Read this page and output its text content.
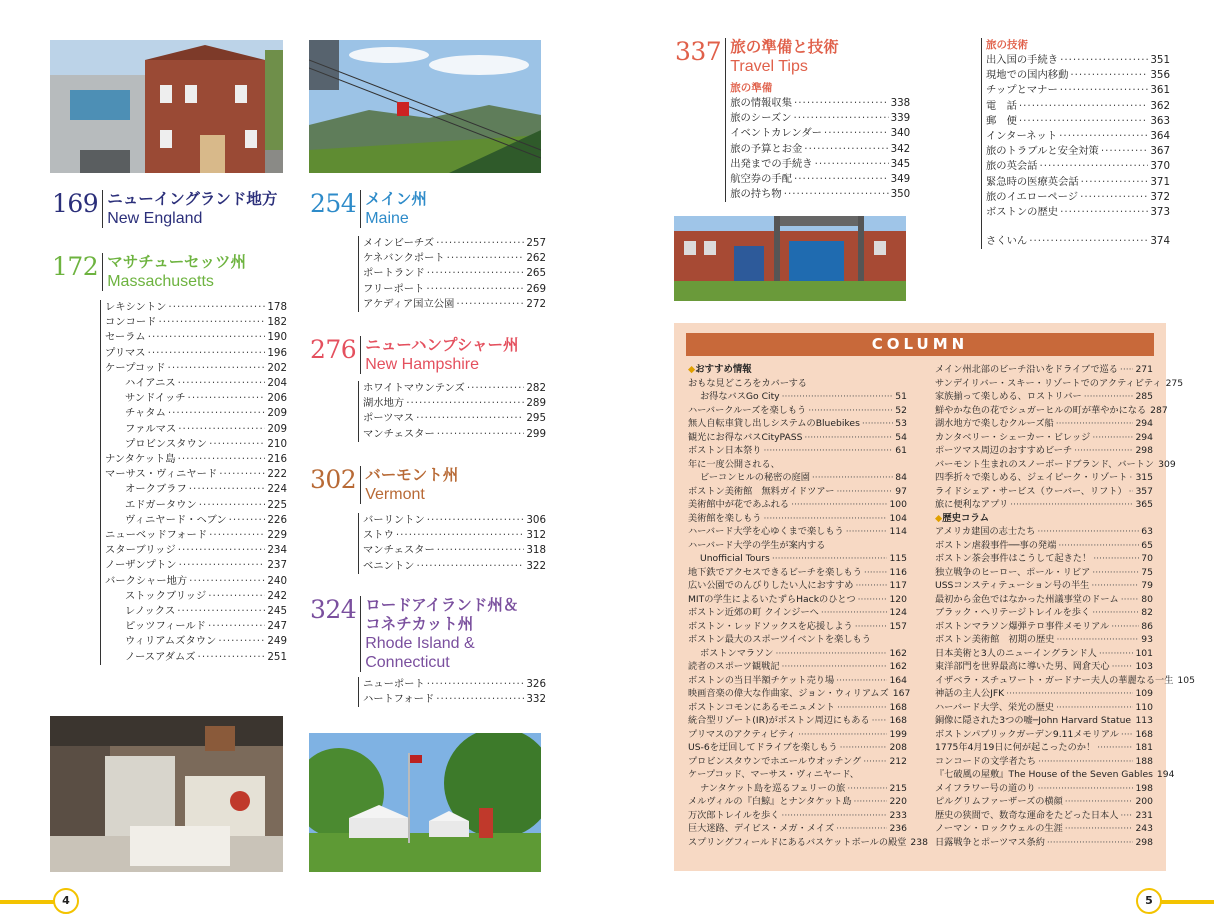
169 ニューイングランド地方
New England
172 マサチューセッツ州
Massachusetts
レキシントン ·····	178
コンコード ·····	182
セーラム ·····	190
プリマス ·····	196
ケープコッド ·····	202
ハイアニス ·····	204
サンドイッチ ·····	206
チャタム ·····	209
ファルマス ·····	209
プロビンスタウン ·····	210
ナンタケット島 ·····	216
マーサス・ヴィニヤード ·····	222
オークブラフ ·····	224
エドガータウン ·····	225
ヴィニヤード・ヘブン ·····	226
ニューベッドフォード ·····	229
スターブリッジ ·····	234
ノーザンプトン ·····	237
バークシャー地方 ·····	240
ストックブリッジ ·····	242
レノックス ·····	245
ピッツフィールド ·····	247
ウィリアムズタウン ·····	249
ノースアダムズ ·····	251
254 メイン州
Maine
メインビーチズ ·····	257
ケネバンクポート ·····	262
ポートランド ·····	265
フリーポート ·····	269
アケディア国立公園 ·····	272
276 ニューハンプシャー州
New Hampshire
ホワイトマウンテンズ ·····	282
湖水地方 ·····	289
ポーツマス ·····	295
マンチェスター ·····	299
302 バーモント州
Vermont
バーリントン ·····	306
ストウ ·····	312
マンチェスター ·····	318
ベニントン ·····	322
324 ロードアイランド州＆
コネチカット州
Rhode Island &
Connecticut
ニューポート ·····	326
ハートフォード ·····	332
337 旅の準備と技術
Travel Tips
旅の準備
旅の情報収集 ·····	338
旅のシーズン ·····	339
イベントカレンダー ·····	340
旅の予算とお金 ·····	342
出発までの手続き ·····	345
航空券の手配 ·····	349
旅の持ち物 ·····	350
旅の技術
出入国の手続き ·····	351
現地での国内移動 ·····	356
チップとマナー ·····	361
電　話 ·····	362
郵　便 ·····	363
インターネット ·····	364
旅のトラブルと安全対策 ·····	367
旅の英会話 ·····	370
緊急時の医療英会話 ·····	371
旅のイエローページ ·····	372
ボストンの歴史 ·····	373
さくいん ·····	374
COLUMN
◆おすすめ情報
おもな見どころをカバーする
お得なバスGo City ·····	51
ハーバークルーズを楽しもう ·····	52
無人自転車貸し出しシステムのBluebikes ·····	53
観光にお得なバスCityPASS ·····	54
ボストン日本祭り ·····	61
年に一度公開される、
ビーコンヒルの秘密の庭園 ·····	84
ボストン美術館　無料ガイドツアー ·····	97
美術館中が花であふれる ·····	100
美術館を楽しもう ·····	104
ハーバード大学を心ゆくまで楽しもう ·····	114
ハーバード大学の学生が案内する
Unofficial Tours ·····	115
地下鉄でアクセスできるビーチを楽しもう ·····	116
広い公園でのんびりしたい人におすすめ ·····	117
MITの学生によるいたずらHackのひとつ ·····	120
ボストン近郊の町 クインジーへ ·····	124
ボストン・レッドソックスを応援しよう ·····	157
ボストン最大のスポーツイベントを楽しもう
ボストンマラソン ·····	162
読者のスポーツ観戦記 ·····	162
ボストンの当日半額チケット売り場 ·····	164
映画音楽の偉大な作曲家、ジョン・ウィリアムズ 167
ボストンコモンにあるモニュメント ·····	168
統合型リゾート(IR)がボストン周辺にもある ····· 168
プリマスのアクティビティ ·····	199
US-6を迂回してドライブを楽しもう ·····	208
プロビンスタウンでホエールウオッチング ·····	212
ケープコッド、マーサス・ヴィニヤード、
ナンタケット島を巡るフェリーの旅 ·····	215
メルヴィルの『白鯨』とナンタケット島 ·····	220
万次郎トレイルを歩く ·····	233
巨大迷路、デイビス・メガ・メイズ ·····	236
スプリングフィールドにあるバスケットボールの殿堂 238
メイン州北部のビーチ沿いをドライブで巡る ····· 271
サンデイリバー・スキー・リゾートでのアクティビティ 275
家族揃って楽しめる、ロストリバー ·····	285
鮮やかな色の花でシュガーヒルの町が華やかになる 287
湖水地方で楽しむクルーズ船 ·····	294
カンタベリー・シェーカー・ビレッジ ·····	294
ポーツマス周辺のおすすめビーチ ·····	298
バーモント生まれのスノーボードブランド、バートン 309
四季折々で楽しめる、ジェイピーク・リゾート ····· 315
ライドシェア・サービス（ウーバー、リフト） ····· 357
旅に便利なアプリ ·····	365
◆歴史コラム
アメリカ建国の志士たち ·····	63
ボストン虐殺事件──事の発端 ·····	65
ボストン茶会事件はこうして起きた！ ·····	70
独立戦争のヒーロー、ポール・リビア ·····	75
USSコンスティテューション号の半生 ·····	79
最初から金色ではなかった州議事堂のドーム ····· 80
ブラック・ヘリテージトレイルを歩く ·····	82
ボストンマラソン爆弾テロ事件メモリアル ·····	86
ボストン美術館　初期の歴史 ·····	93
日本美術と3人のニューイングランド人 ·····	101
東洋部門を世界最高に導いた男、岡倉天心 ·····	103
イザベラ・スチュワート・ガードナー夫人の華麗なる一生 105
神話の主人公JFK ·····	109
ハーバード大学、栄光の歴史 ·····	110
銅像に隠された3つの嘘─John Harvard Statue ····· 113
ボストンパブリックガーデン9.11メモリアル ····· 168
1775年4月19日に何が起こったのか！ ·····	181
コンコードの文学者たち ·····	188
『七破風の屋敷』The House of the Seven Gables 194
メイフラワー号の道のり ·····	198
ピルグリムファーザーズの横顔 ·····	200
歴史の狭間で、数奇な運命をたどった日本人 ····· 231
ノーマン・ロックウェルの生涯 ·····	243
日露戦争とポーツマス条約 ·····	298
4	5
